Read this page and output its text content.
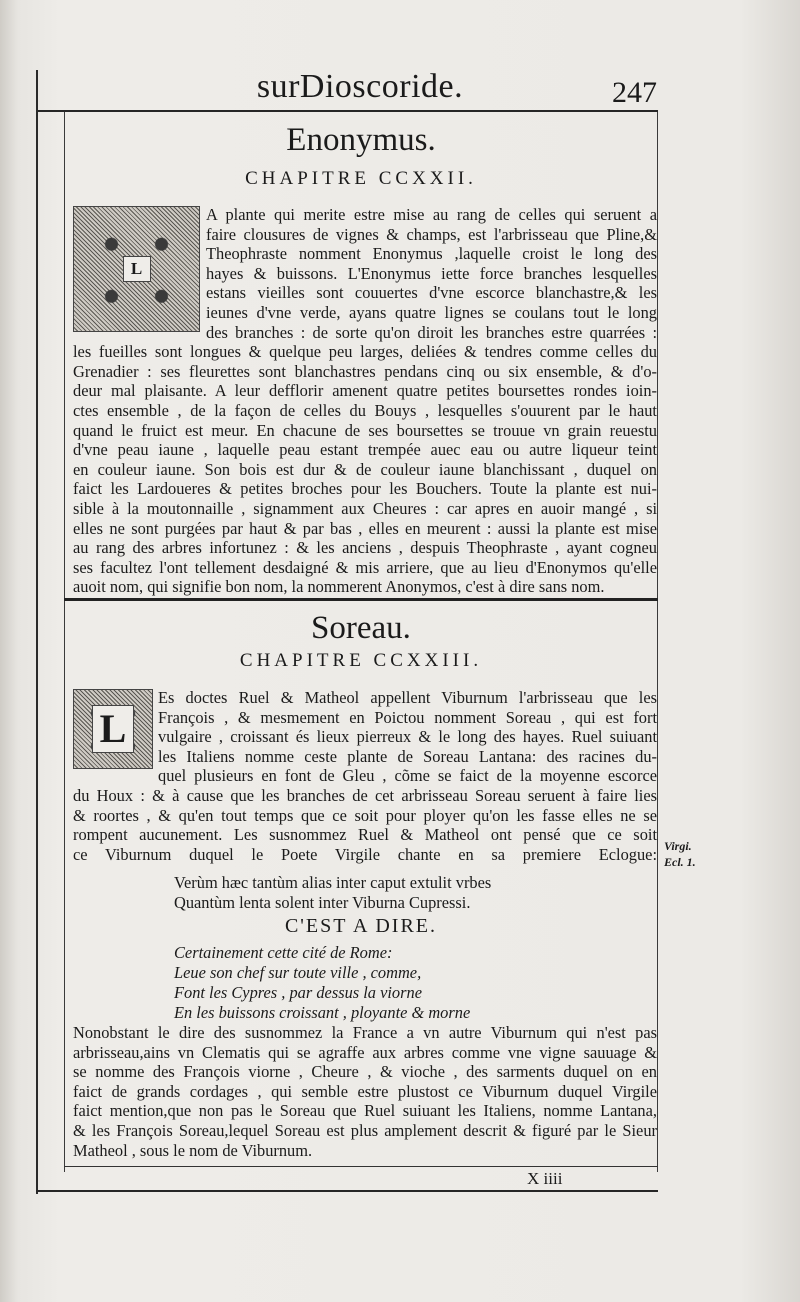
surDioscoride.	247
Enonymus.
CHAPITRE CCXXII.
L
A plante qui merite estre mise au rang de celles qui seruent a
faire clousures de vignes & champs, est l'arbrisseau que Pline,&
Theophraste nomment Enonymus ,laquelle croist le long des
hayes & buissons. L'Enonymus iette force branches lesquelles
estans vieilles sont couuertes d'vne escorce blanchastre,& les
ieunes d'vne verde, ayans quatre lignes se coulans tout le long
des branches : de sorte qu'on diroit les branches estre quarrées :
les fueilles sont longues & quelque peu larges, deliées & tendres comme celles du
Grenadier : ses fleurettes sont blanchastres pendans cinq ou six ensemble, & d'o-
deur mal plaisante. A leur defflorir amenent quatre petites boursettes rondes ioin-
ctes ensemble , de la façon de celles du Bouys , lesquelles s'ouurent par le haut
quand le fruict est meur. En chacune de ses boursettes se trouue vn grain reuestu
d'vne peau iaune , laquelle peau estant trempée auec eau ou autre liqueur teint
en couleur iaune. Son bois est dur & de couleur iaune blanchissant , duquel on
faict les Lardoueres & petites broches pour les Bouchers. Toute la plante est nui-
sible à la moutonnaille , signamment aux Cheures : car apres en auoir mangé , si
elles ne sont purgées par haut & par bas , elles en meurent : aussi la plante est mise
au rang des arbres infortunez : & les anciens , despuis Theophraste , ayant cogneu
ses facultez l'ont tellement desdaigné & mis arriere, que au lieu d'Enonymos qu'elle
auoit nom, qui signifie bon nom, la nommerent Anonymos, c'est à dire sans nom.
Soreau.
CHAPITRE CCXXIII.
L
Es doctes Ruel & Matheol appellent Viburnum l'arbrisseau que les
François , & mesmement en Poictou nomment Soreau , qui est fort
vulgaire , croissant és lieux pierreux & le long des hayes. Ruel suiuant
les Italiens nomme ceste plante de Soreau Lantana: des racines du-
quel plusieurs en font de Gleu , cõme se faict de la moyenne escorce
du Houx : & à cause que les branches de cet arbrisseau Soreau seruent à faire lies
& roortes , & qu'en tout temps que ce soit pour ployer qu'on les fasse elles ne se
rompent aucunement. Les susnommez Ruel & Matheol ont pensé que ce soit
ce Viburnum duquel le Poete Virgile chante en sa premiere Eclogue: Virgi.
Ecl. 1.
Verùm hæc tantùm alias inter caput extulit vrbes
Quantùm lenta solent inter Viburna Cupressi.
C'EST A DIRE.
Certainement cette cité de Rome:
Leue son chef sur toute ville , comme,
Font les Cypres , par dessus la viorne
En les buissons croissant , ployante & morne
Nonobstant le dire des susnommez la France a vn autre Viburnum qui n'est pas
arbrisseau,ains vn Clematis qui se agraffe aux arbres comme vne vigne sauuage &
se nomme des François viorne , Cheure , & vioche , des sarments duquel on en
faict de grands cordages , qui semble estre plustost ce Viburnum duquel Virgile
faict mention,que non pas le Soreau que Ruel suiuant les Italiens, nomme Lantana,
& les François Soreau,lequel Soreau est plus amplement descrit & figuré par le Sieur
Matheol , sous le nom de Viburnum.
X iiii
